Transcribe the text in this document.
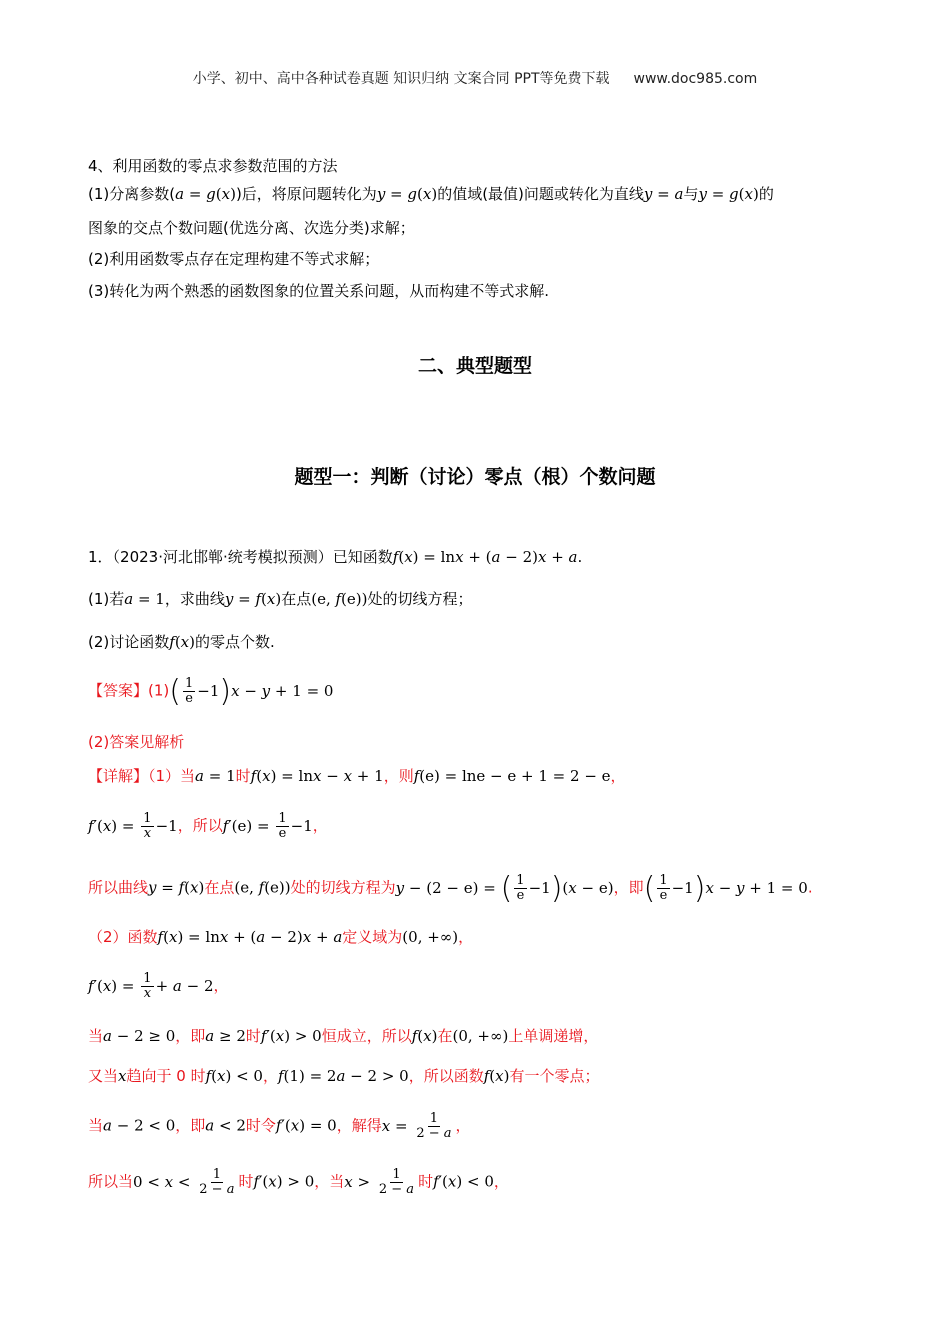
小学、初中、高中各种试卷真题 知识归纳 文案合同 PPT等免费下载 www.doc985.com
4、利用函数的零点求参数范围的方法
(1)分离参数(a = g(x))后，将原问题转化为y = g(x)的值域(最值)问题或转化为直线y = a与y = g(x)的
图象的交点个数问题(优选分离、次选分类)求解；
(2)利用函数零点存在定理构建不等式求解；
(3)转化为两个熟悉的函数图象的位置关系问题，从而构建不等式求解.
二、典型题型
题型一：判断（讨论）零点（根）个数问题
1．（2023·河北邯郸·统考模拟预测）已知函数f(x) = lnx + (a − 2)x + a.
(1)若a = 1，求曲线y = f(x)在点(e, f(e))处的切线方程；
(2)讨论函数f(x)的零点个数.
【答案】$(1)( \frac{1}{e} -1)x - y + 1 = 0$
(2)答案见解析
【详解】（1）当a = 1时f(x) = lnx − x + 1，则f(e) = lne − e + 1 = 2 − e，
$f'(x) = \frac{1}{x} -1$，所以$f'(e) = \frac{1}{e} -1$，
所以曲线y = f(x)在点(e, f(e))处的切线方程为y − (2 − e) = ( $\frac{1}{e} -1)(x - e)$，即( $\frac{1}{e} -1)x - y + 1 = 0$.
（2）函数f(x) = lnx + (a − 2)x + a定义域为(0, +∞)，
$f'(x) = \frac{1}{x} + a - 2$，
当a − 2 ≥ 0，即a ≥ 2时f′(x) > 0恒成立，所以f(x)在(0, +∞)上单调递增，
又当x趋向于 0 时f(x) < 0，f(1) = 2a − 2 > 0，所以函数f(x)有一个零点；
当a − 2 < 0，即a < 2时令f′(x) = 0，解得$x = \frac{1}{2 - a}$ ，
所以当$0 < x < \frac{1}{2 - a}$ 时f′(x) > 0，当$x > \frac{1}{2 - a}$ 时f′(x) < 0，
